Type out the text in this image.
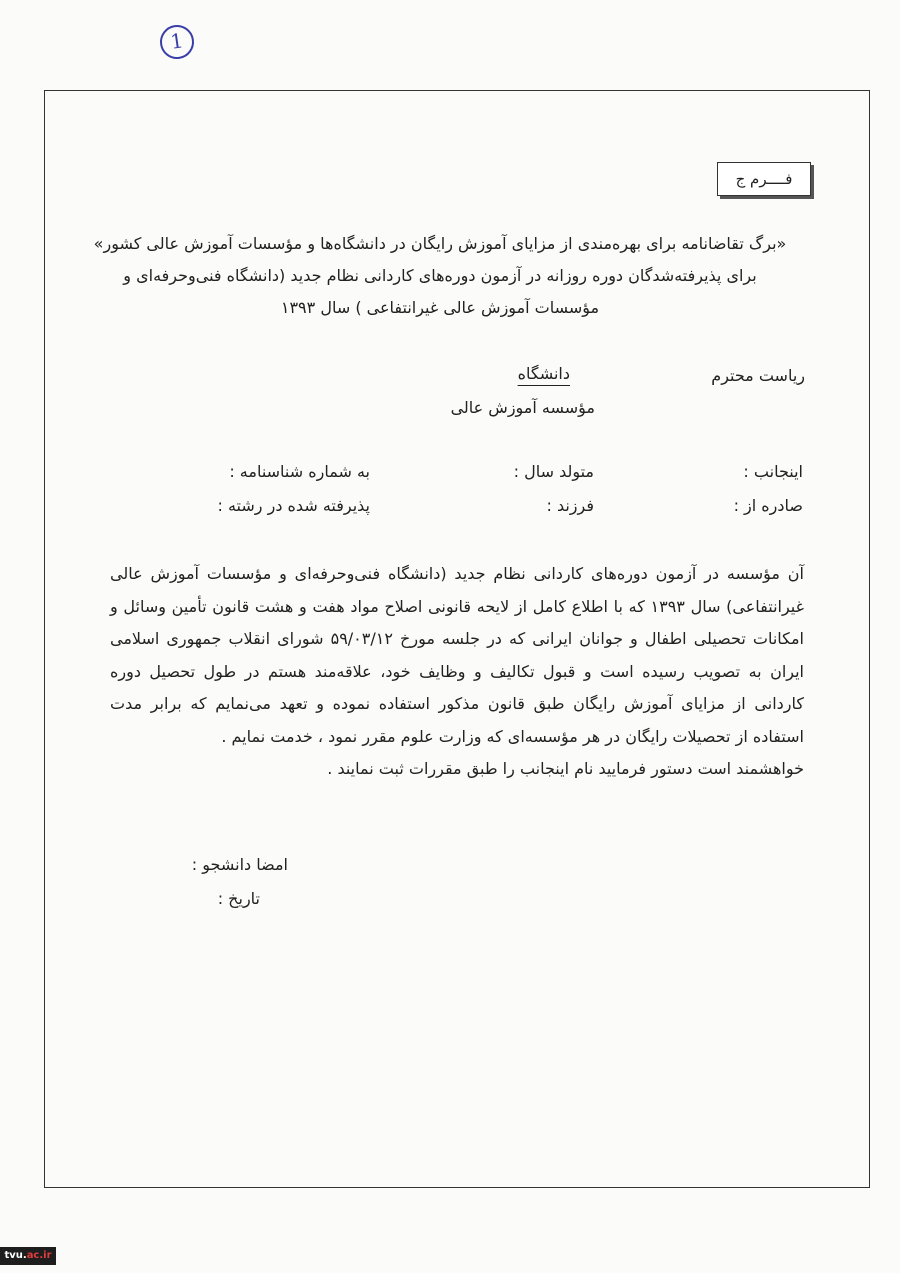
1
فــــرم ج
«برگ تقاضانامه برای بهره‌مندی از مزایای آموزش رایگان در دانشگاه‌ها و مؤسسات آموزش عالی کشور»
برای پذیرفته‌شدگان دوره روزانه در آزمون دوره‌های کاردانی نظام جدید (دانشگاه فنی‌وحرفه‌ای و
مؤسسات آموزش عالی غیرانتفاعی ) سال ۱۳۹۳
ریاست محترم
دانشگاه
مؤسسه آموزش عالی
اینجانب :
متولد سال :
به شماره شناسنامه :
صادره از :
فرزند :
پذیرفته شده در رشته :

آن مؤسسه در آزمون دوره‌های کاردانی نظام جدید (دانشگاه فنی‌وحرفه‌ای و مؤسسات آموزش عالی غیرانتفاعی) سال ۱۳۹۳ که با اطلاع کامل از لایحه قانونی اصلاح مواد هفت و هشت قانون تأمین وسائل و امکانات تحصیلی اطفال و جوانان ایرانی که در جلسه مورخ ۵۹/۰۳/۱۲ شورای انقلاب جمهوری اسلامی ایران به تصویب رسیده است و قبول تکالیف و وظایف خود، علاقه‌مند هستم در طول تحصیل دوره کاردانی از مزایای آموزش رایگان طبق قانون مذکور استفاده نموده و تعهد می‌نمایم که برابر مدت استفاده از تحصیلات رایگان در هر مؤسسه‌ای که وزارت علوم مقرر نمود ، خدمت نمایم .

خواهشمند است دستور فرمایید نام اینجانب را طبق مقررات ثبت نمایند .

امضا دانشجو :
تاریخ :
tvu.ac.ir
